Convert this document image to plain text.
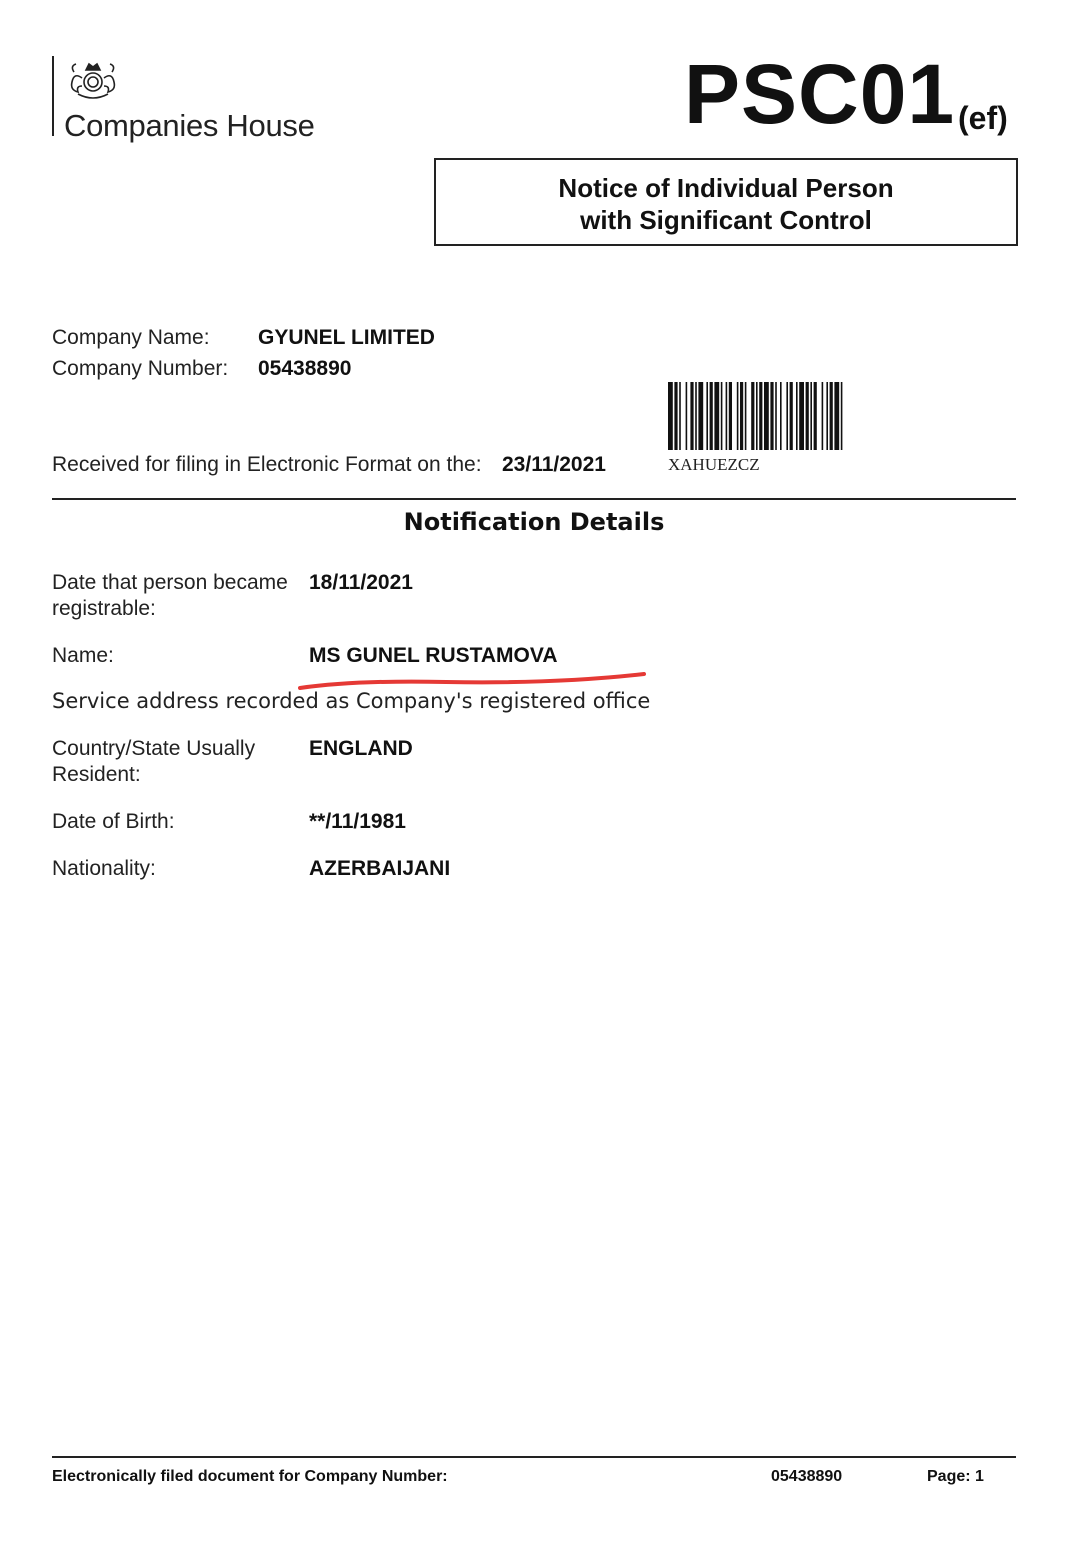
Companies House	PSC01 (ef)
Notice of Individual Person
with Significant Control
Company Name: GYUNEL LIMITED
Company Number: 05438890
XAHUEZCZ
Received for filing in Electronic Format on the: 23/11/2021
Notification Details
Date that person became
registrable:
18/11/2021
Name:	MS GUNEL RUSTAMOVA
Service address recorded as Company's registered office
Country/State Usually
Resident:
ENGLAND
Date of Birth:	**/11/1981
Nationality:	AZERBAIJANI
Electronically filed document for Company Number:	05438890	Page: 1
